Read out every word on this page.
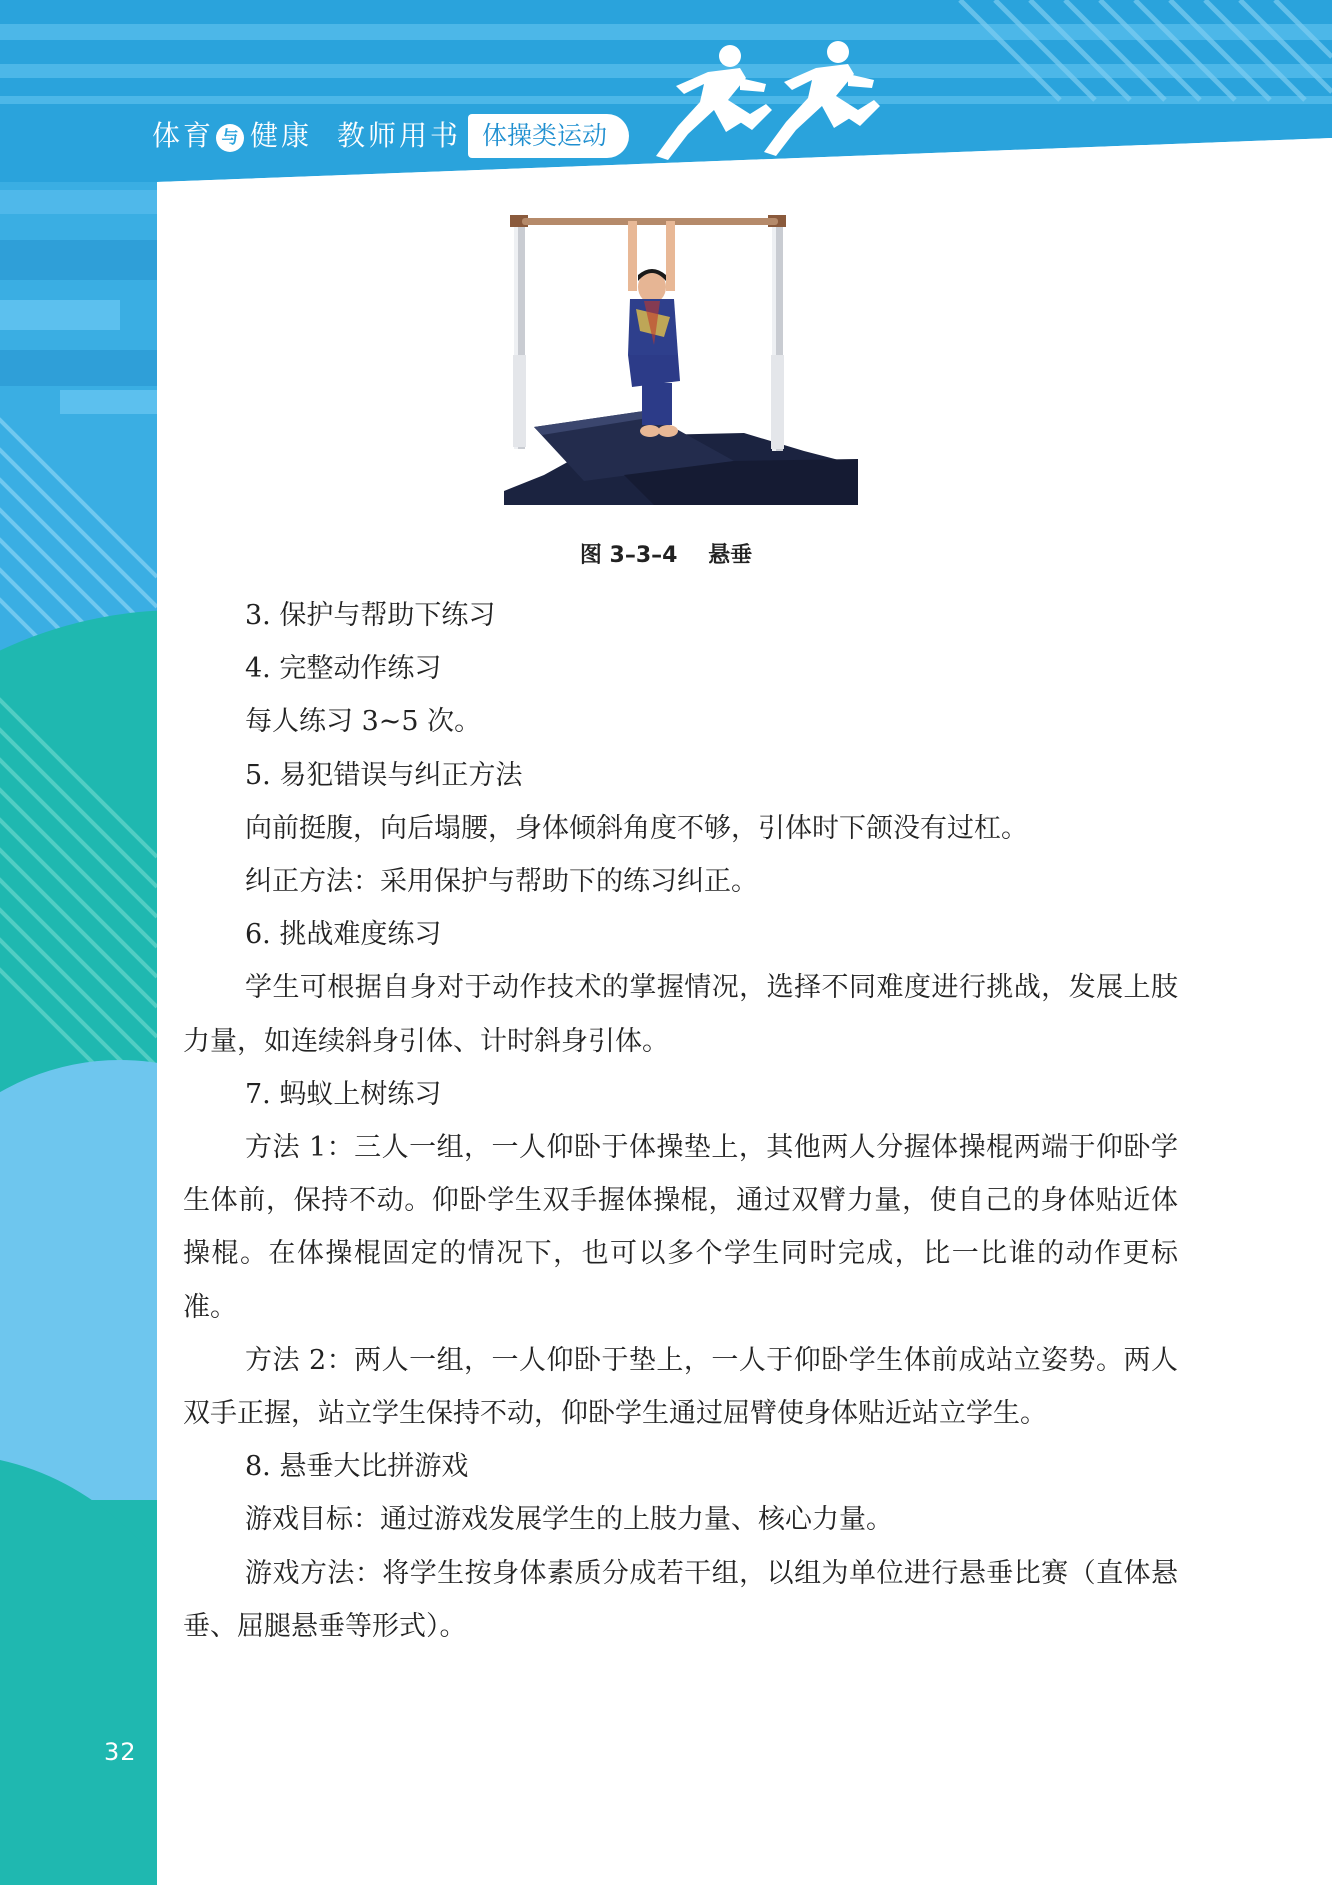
体育 与 健康 教师用书 体操类运动
图 3–3–4    悬垂

3. 保护与帮助下练习

4. 完整动作练习

每人练习 3~5 次。

5. 易犯错误与纠正方法

向前挺腹，向后塌腰，身体倾斜角度不够，引体时下颌没有过杠。

纠正方法：采用保护与帮助下的练习纠正。

6. 挑战难度练习

学生可根据自身对于动作技术的掌握情况，选择不同难度进行挑战，发展上肢力量，如连续斜身引体、计时斜身引体。

7. 蚂蚁上树练习

方法 1：三人一组，一人仰卧于体操垫上，其他两人分握体操棍两端于仰卧学生体前，保持不动。仰卧学生双手握体操棍，通过双臂力量，使自己的身体贴近体操棍。在体操棍固定的情况下，也可以多个学生同时完成，比一比谁的动作更标准。

方法 2：两人一组，一人仰卧于垫上，一人于仰卧学生体前成站立姿势。两人双手正握，站立学生保持不动，仰卧学生通过屈臂使身体贴近站立学生。

8. 悬垂大比拼游戏

游戏目标：通过游戏发展学生的上肢力量、核心力量。

游戏方法：将学生按身体素质分成若干组，以组为单位进行悬垂比赛（直体悬垂、屈腿悬垂等形式）。

32
